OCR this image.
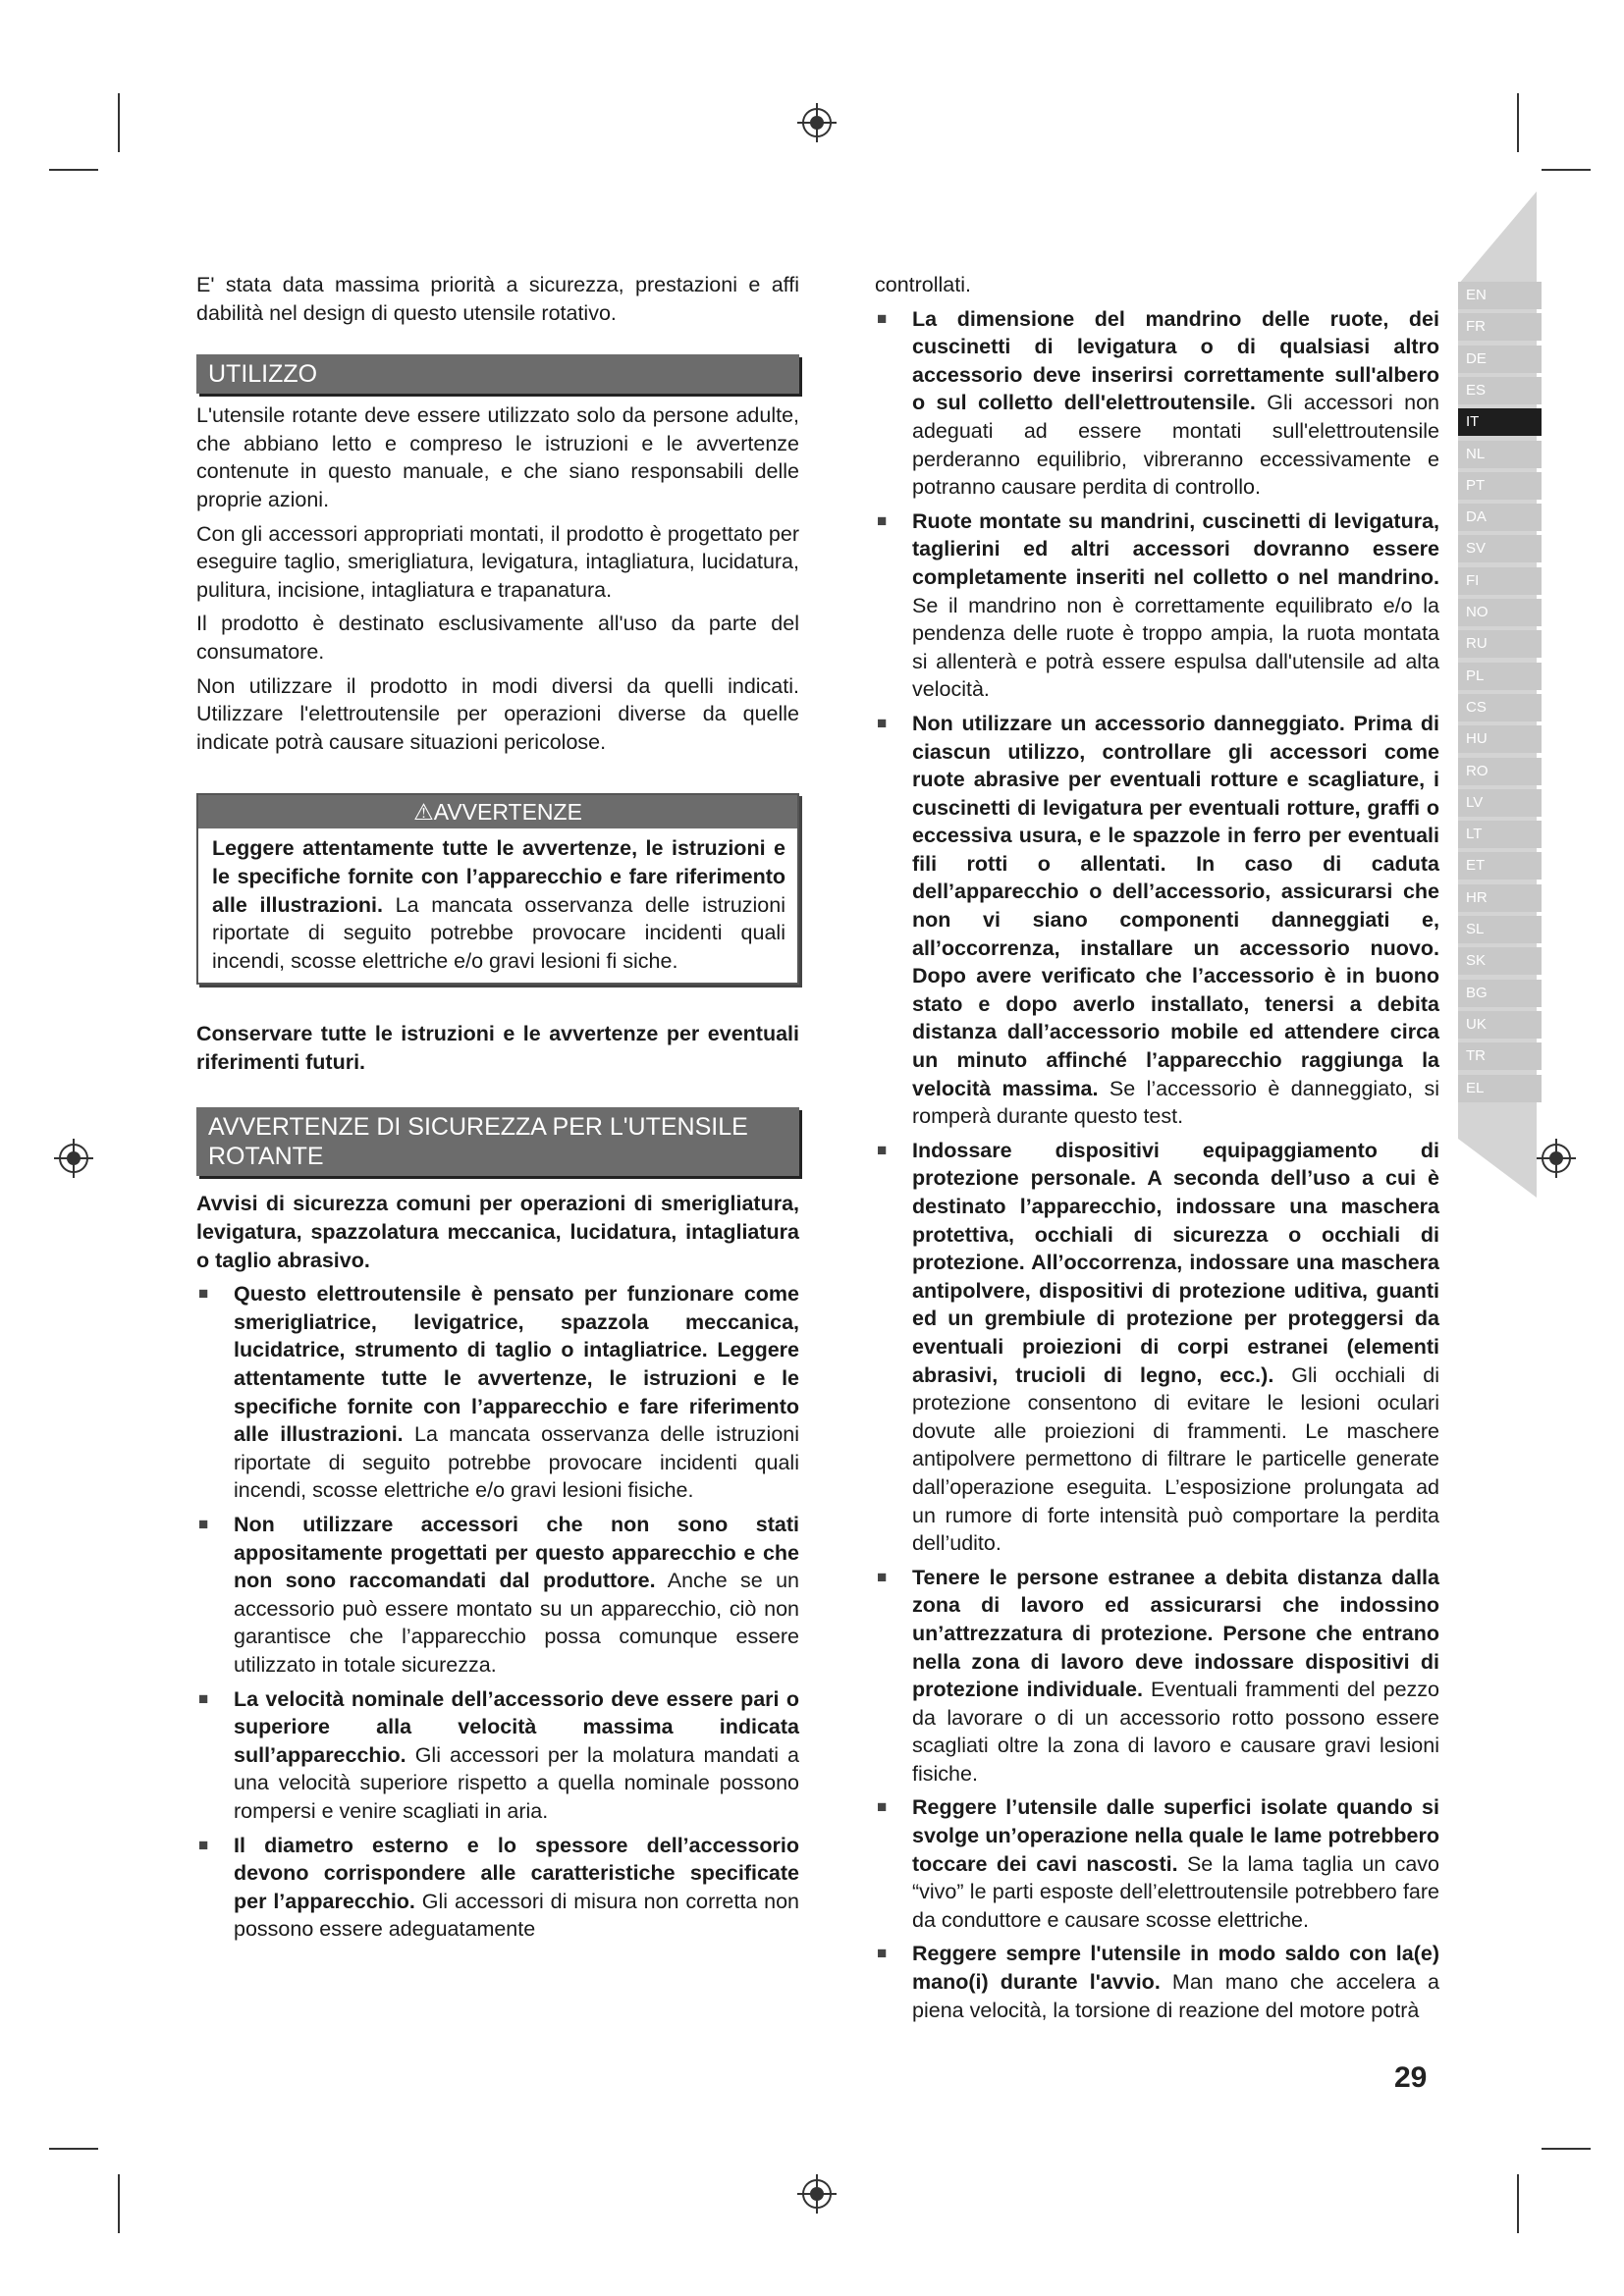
EN
FR
DE
ES
IT
NL
PT
DA
SV
FI
NO
RU
PL
CS
HU
RO
LV
LT
ET
HR
SL
SK
BG
UK
TR
EL

E' stata data massima priorità a sicurezza, prestazioni e affi dabilità nel design di questo utensile rotativo.

UTILIZZO

L'utensile rotante deve essere utilizzato solo da persone adulte, che abbiano letto e compreso le istruzioni e le avvertenze contenute in questo manuale, e che siano responsabili delle proprie azioni.

Con gli accessori appropriati montati, il prodotto è progettato per eseguire taglio, smerigliatura, levigatura, intagliatura, lucidatura, pulitura, incisione, intagliatura e trapanatura.

Il prodotto è destinato esclusivamente all'uso da parte del consumatore.

Non utilizzare il prodotto in modi diversi da quelli indicati. Utilizzare l'elettroutensile per operazioni diverse da quelle indicate potrà causare situazioni pericolose.

⚠AVVERTENZE

Leggere attentamente tutte le avvertenze, le istruzioni e le specifiche fornite con l’apparecchio e fare riferimento alle illustrazioni. La mancata osservanza delle istruzioni riportate di seguito potrebbe provocare incidenti quali incendi, scosse elettriche e/o gravi lesioni fi siche.

Conservare tutte le istruzioni e le avvertenze per eventuali riferimenti futuri.

AVVERTENZE DI SICUREZZA PER L'UTENSILE ROTANTE

Avvisi di sicurezza comuni per operazioni di smerigliatura, levigatura, spazzolatura meccanica, lucidatura, intagliatura o taglio abrasivo.

■ Questo elettroutensile è pensato per funzionare come smerigliatrice, levigatrice, spazzola meccanica, lucidatrice, strumento di taglio o intagliatrice. Leggere attentamente tutte le avvertenze, le istruzioni e le specifiche fornite con l’apparecchio e fare riferimento alle illustrazioni. La mancata osservanza delle istruzioni riportate di seguito potrebbe provocare incidenti quali incendi, scosse elettriche e/o gravi lesioni fisiche.
■ Non utilizzare accessori che non sono stati appositamente progettati per questo apparecchio e che non sono raccomandati dal produttore. Anche se un accessorio può essere montato su un apparecchio, ciò non garantisce che l’apparecchio possa comunque essere utilizzato in totale sicurezza.
■ La velocità nominale dell’accessorio deve essere pari o superiore alla velocità massima indicata sull’apparecchio. Gli accessori per la molatura mandati a una velocità superiore rispetto a quella nominale possono rompersi e venire scagliati in aria.
■ Il diametro esterno e lo spessore dell’accessorio devono corrispondere alle caratteristiche specificate per l’apparecchio. Gli accessori di misura non corretta non possono essere adeguatamente

controllati.

■ La dimensione del mandrino delle ruote, dei cuscinetti di levigatura o di qualsiasi altro accessorio deve inserirsi correttamente sull'albero o sul colletto dell'elettroutensile. Gli accessori non adeguati ad essere montati sull'elettroutensile perderanno equilibrio, vibreranno eccessivamente e potranno causare perdita di controllo.
■ Ruote montate su mandrini, cuscinetti di levigatura, taglierini ed altri accessori dovranno essere completamente inseriti nel colletto o nel mandrino. Se il mandrino non è correttamente equilibrato e/o la pendenza delle ruote è troppo ampia, la ruota montata si allenterà e potrà essere espulsa dall'utensile ad alta velocità.
■ Non utilizzare un accessorio danneggiato. Prima di ciascun utilizzo, controllare gli accessori come ruote abrasive per eventuali rotture e scagliature, i cuscinetti di levigatura per eventuali rotture, graffi o eccessiva usura, e le spazzole in ferro per eventuali fili rotti o allentati. In caso di caduta dell’apparecchio o dell’accessorio, assicurarsi che non vi siano componenti danneggiati e, all’occorrenza, installare un accessorio nuovo. Dopo avere verificato che l’accessorio è in buono stato e dopo averlo installato, tenersi a debita distanza dall’accessorio mobile ed attendere circa un minuto affinché l’apparecchio raggiunga la velocità massima. Se l’accessorio è danneggiato, si romperà durante questo test.
■ Indossare dispositivi equipaggiamento di protezione personale. A seconda dell’uso a cui è destinato l’apparecchio, indossare una maschera protettiva, occhiali di sicurezza o occhiali di protezione. All’occorrenza, indossare una maschera antipolvere, dispositivi di protezione uditiva, guanti ed un grembiule di protezione per proteggersi da eventuali proiezioni di corpi estranei (elementi abrasivi, trucioli di legno, ecc.). Gli occhiali di protezione consentono di evitare le lesioni oculari dovute alle proiezioni di frammenti. Le maschere antipolvere permettono di filtrare le particelle generate dall’operazione eseguita. L’esposizione prolungata ad un rumore di forte intensità può comportare la perdita dell’udito.
■ Tenere le persone estranee a debita distanza dalla zona di lavoro ed assicurarsi che indossino un’attrezzatura di protezione. Persone che entrano nella zona di lavoro deve indossare dispositivi di protezione individuale. Eventuali frammenti del pezzo da lavorare o di un accessorio rotto possono essere scagliati oltre la zona di lavoro e causare gravi lesioni fisiche.
■ Reggere l’utensile dalle superfici isolate quando si svolge un’operazione nella quale le lame potrebbero toccare dei cavi nascosti. Se la lama taglia un cavo “vivo” le parti esposte dell’elettroutensile potrebbero fare da conduttore e causare scosse elettriche.
■ Reggere sempre l'utensile in modo saldo con la(e) mano(i) durante l'avvio. Man mano che accelera a piena velocità, la torsione di reazione del motore potrà
29
